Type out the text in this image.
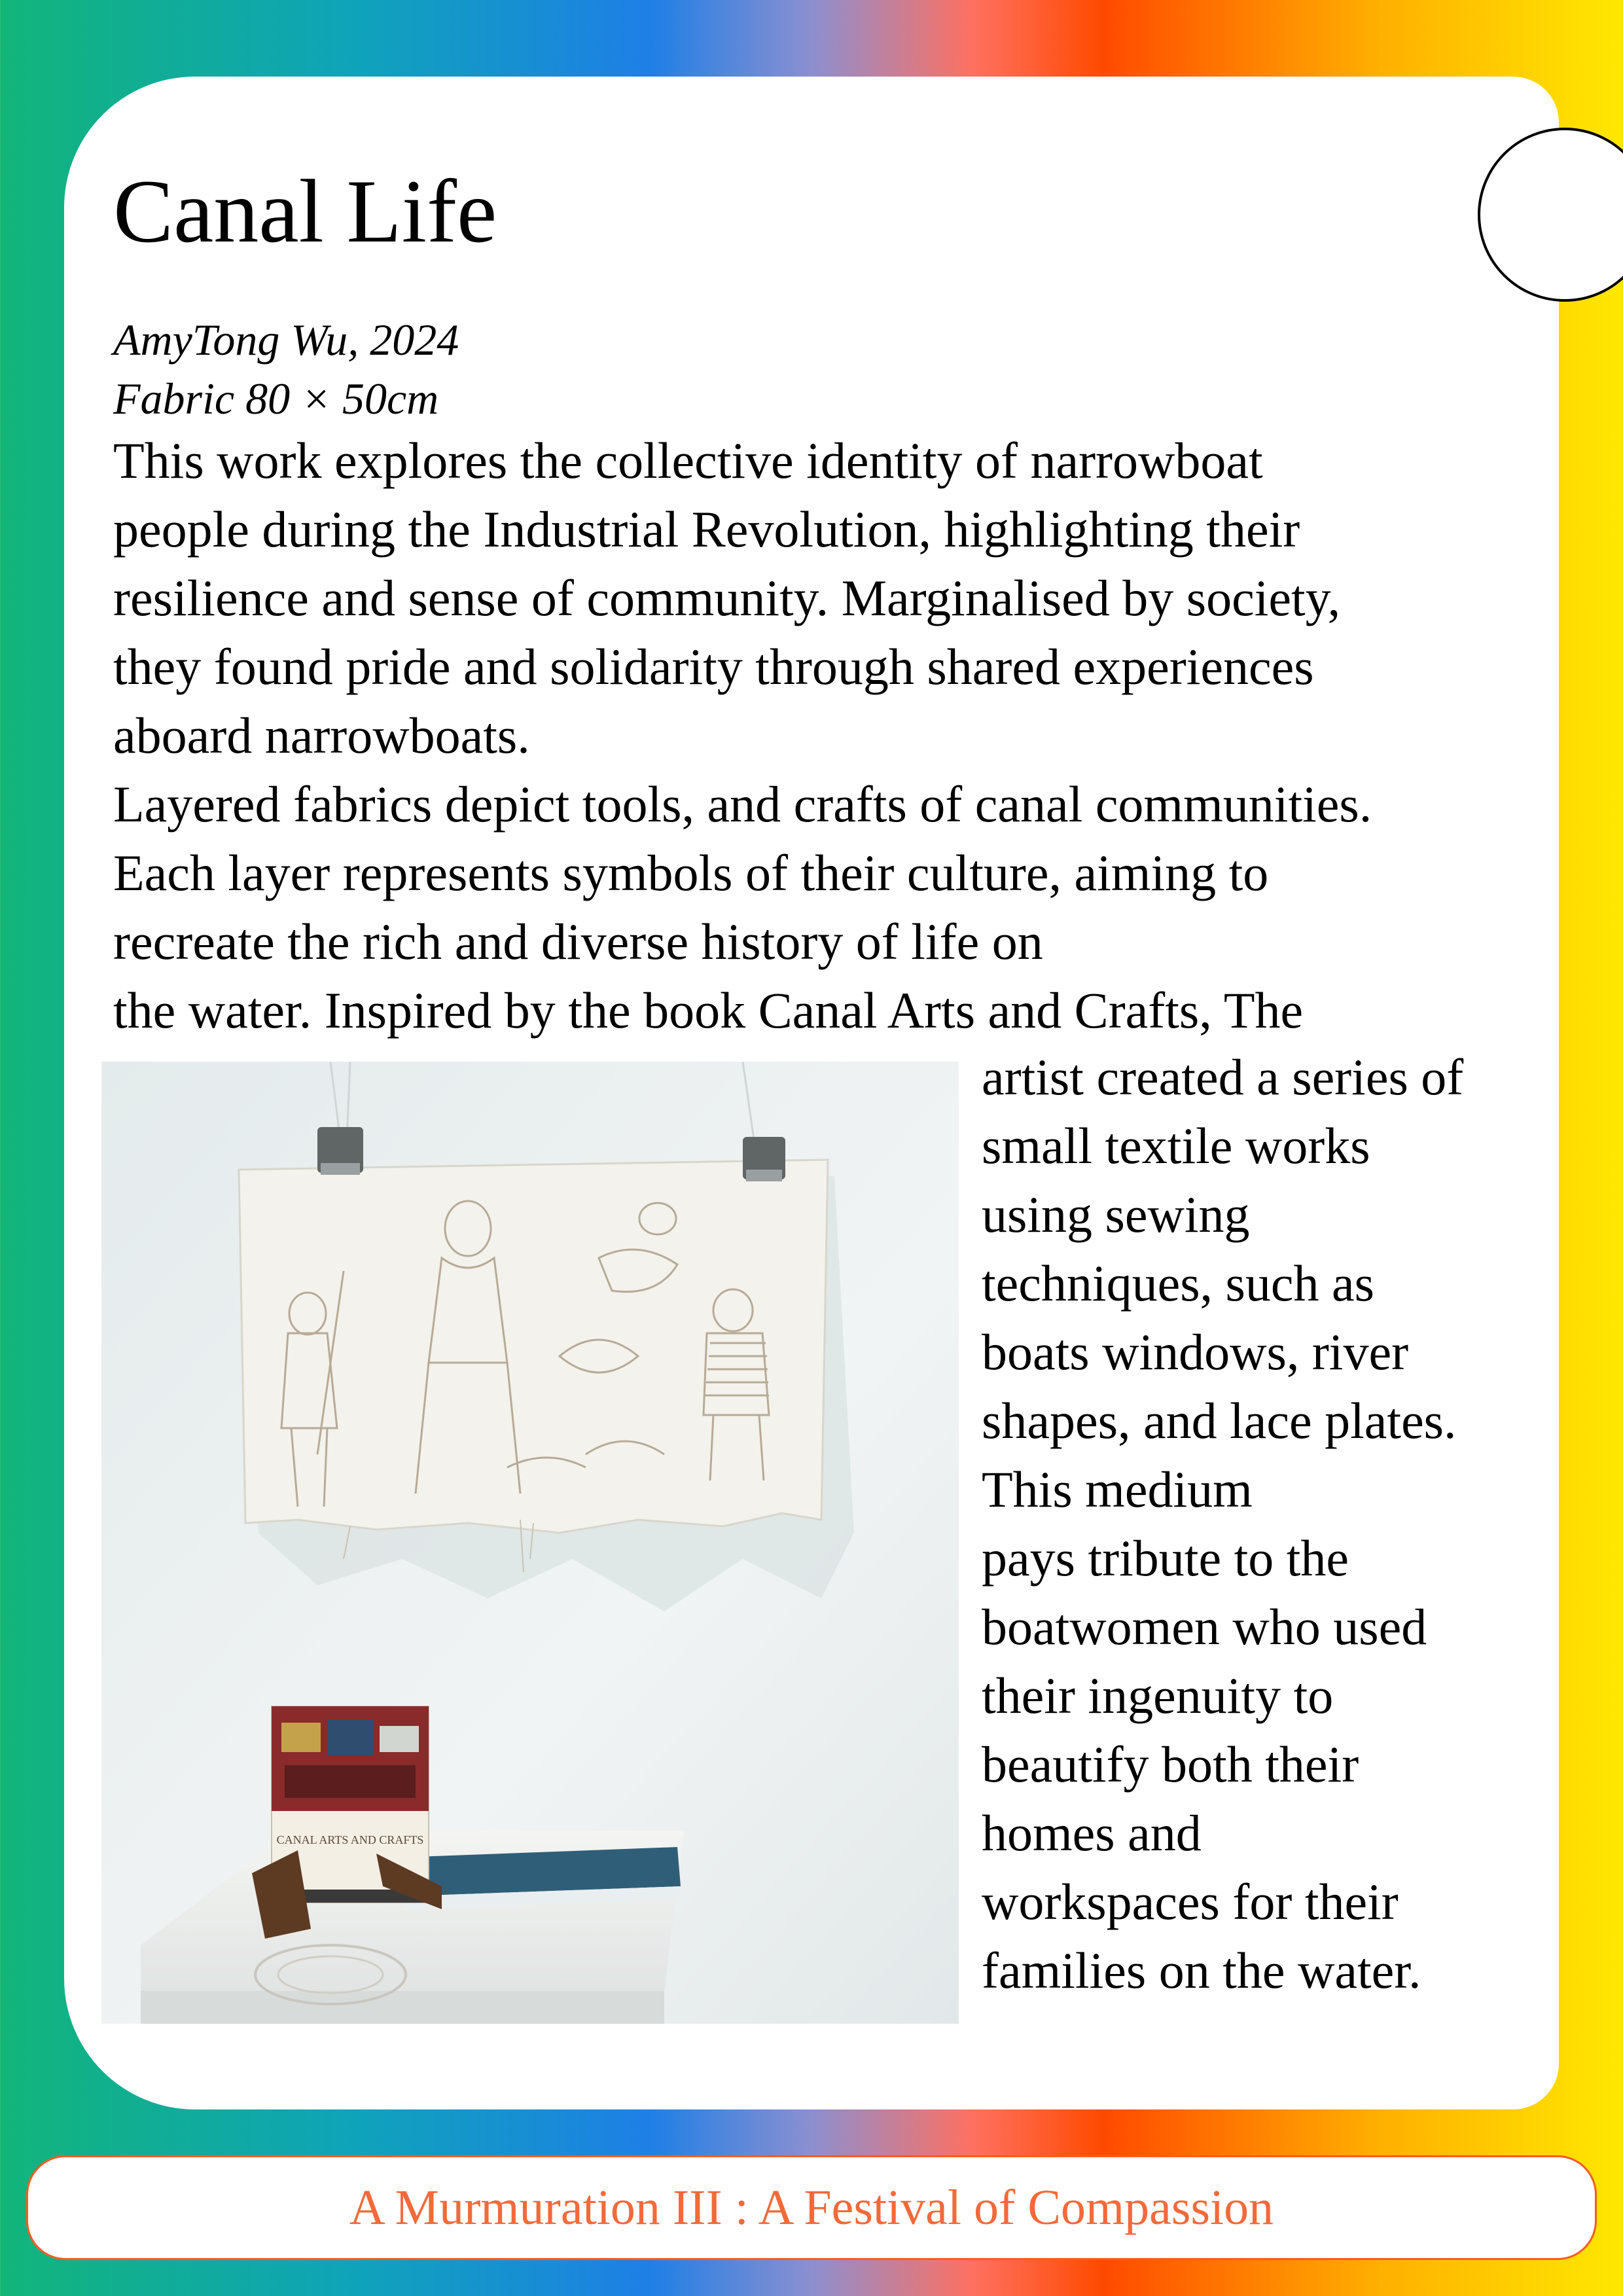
Canal Life
AmyTong Wu, 2024
Fabric 80 × 50cm
This work explores the collective identity of narrowboat
people during the Industrial Revolution, highlighting their
resilience and sense of community. Marginalised by society,
they found pride and solidarity through shared experiences
aboard narrowboats.
Layered fabrics depict tools, and crafts of canal communities.
Each layer represents symbols of their culture, aiming to
recreate the rich and diverse history of life on
the water. Inspired by the book Canal Arts and Crafts, The
CANAL ARTS AND CRAFTS
artist created a series of
small textile works
using sewing
techniques, such as
boats windows, river
shapes, and lace plates.
This medium
pays tribute to the
boatwomen who used
their ingenuity to
beautify both their
homes and
workspaces for their
families on the water.
A Murmuration III : A Festival of Compassion
